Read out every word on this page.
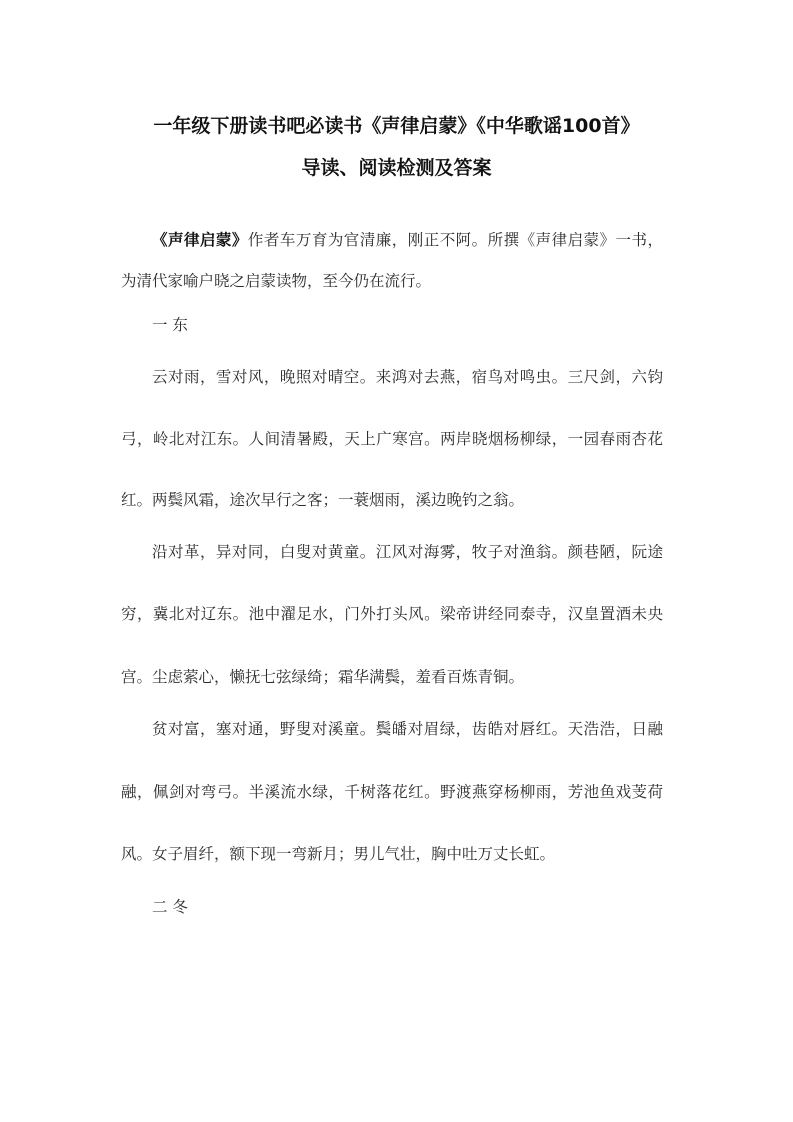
一年级下册读书吧必读书《声律启蒙》《中华歌谣100首》
导读、阅读检测及答案
《声律启蒙》作者车万育为官清廉，刚正不阿。所撰《声律启蒙》一书，
为清代家喻户晓之启蒙读物，至今仍在流行。
一 东
云对雨，雪对风，晚照对晴空。来鸿对去燕，宿鸟对鸣虫。三尺剑，六钧
弓，岭北对江东。人间清暑殿，天上广寒宫。两岸晓烟杨柳绿，一园春雨杏花
红。两鬓风霜，途次早行之客；一蓑烟雨，溪边晚钓之翁。
沿对革，异对同，白叟对黄童。江风对海雾，牧子对渔翁。颜巷陋，阮途
穷，冀北对辽东。池中濯足水，门外打头风。梁帝讲经同泰寺，汉皇置酒未央
宫。尘虑萦心，懒抚七弦绿绮；霜华满鬓，羞看百炼青铜。
贫对富，塞对通，野叟对溪童。鬓皤对眉绿，齿皓对唇红。天浩浩，日融
融，佩剑对弯弓。半溪流水绿，千树落花红。野渡燕穿杨柳雨，芳池鱼戏芰荷
风。女子眉纤，额下现一弯新月；男儿气壮，胸中吐万丈长虹。
二 冬
